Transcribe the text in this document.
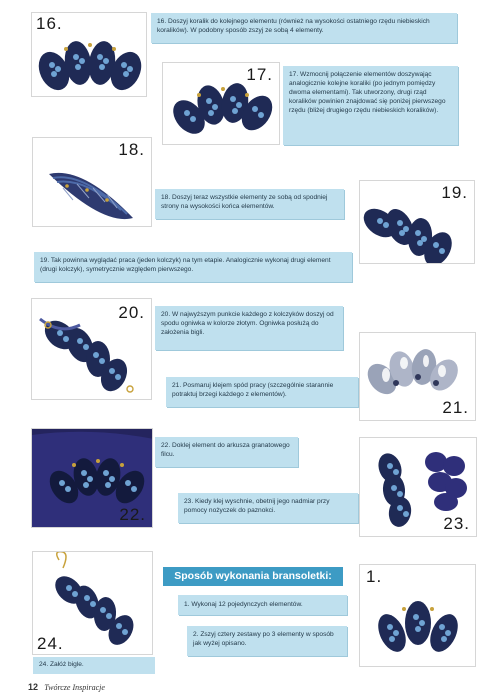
16.	16. Doszyj koralik do kolejnego elementu (również na wysokości ostatniego rzędu niebieskich koralików). W podobny sposób zszyj ze sobą 4 elementy.
17.	17. Wzmocnij połączenie elementów doszywając analogicznie kolejne koraliki (po jednym pomiędzy dwoma elementami). Tak utworzony, drugi rząd koralików powinien znajdować się poniżej pierwszego rzędu (bliżej drugiego rzędu niebieskich koralików).
18.
18. Doszyj teraz wszystkie elementy ze sobą od spodniej strony na wysokości końca elementów.
19.
19. Tak powinna wyglądać praca (jeden kolczyk) na tym etapie. Analogicznie wykonaj drugi element (drugi kolczyk), symetrycznie względem pierwszego.
20.	20. W najwyższym punkcie każdego z kolczyków doszyj od spodu ogniwka w kolorze złotym. Ogniwka posłużą do założenia bigli.
21.
21. Posmaruj klejem spód pracy (szczególnie starannie potraktuj brzegi każdego z elementów).
22.
22. Doklej element do arkusza granatowego filcu.
23.
23. Kiedy klej wyschnie, obetnij jego nadmiar przy pomocy nożyczek do paznokci.
24.
24. Załóż bigle.
Sposób wykonania bransoletki:	1.
1. Wykonaj 12 pojedynczych elementów.
2. Zszyj cztery zestawy po 3 elementy w sposób jak wyżej opisano.
12 Twórcze Inspiracje
